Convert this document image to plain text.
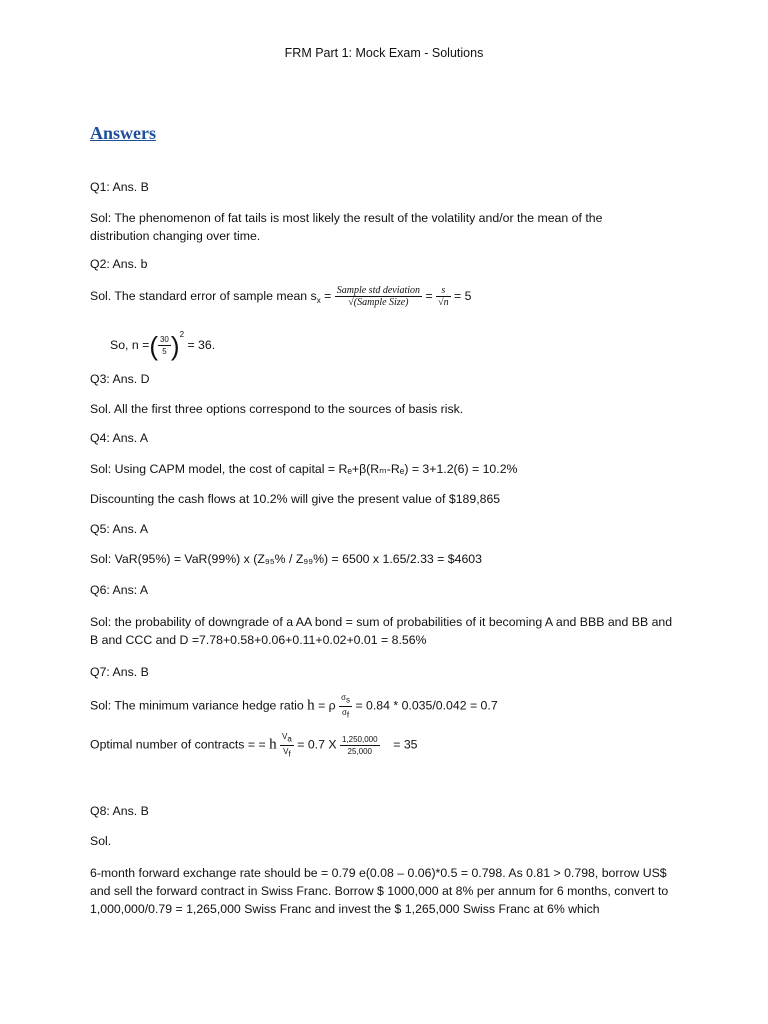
FRM Part 1: Mock Exam - Solutions
Answers
Q1: Ans. B
Sol: The phenomenon of fat tails is most likely the result of the volatility and/or the mean of the distribution changing over time.
Q2: Ans. b
Sol. The standard error of sample mean $s_x = \frac{\text{Sample std deviation}}{\text{√(Sample Size)}} = \frac{s}{√n} = 5$
So, n =( $\frac{30}{5} )^2 = 36$.
Q3: Ans. D
Sol. All the first three options correspond to the sources of basis risk.
Q4: Ans. A
Sol: Using CAPM model, the cost of capital = Rₑ+β(Rₘ-Rₑ) = 3+1.2(6) = 10.2%
Discounting the cash flows at 10.2% will give the present value of $189,865
Q5: Ans. A
Sol: VaR(95%) = VaR(99%) x (Z₉₅% / Z₉₉%) = 6500 x 1.65/2.33 = $4603
Q6: Ans: A
Sol: the probability of downgrade of a AA bond = sum of probabilities of it becoming A and BBB and BB and B and CCC and D =7.78+0.58+0.06+0.11+0.02+0.01 = 8.56%
Q7: Ans. B
Sol: The minimum variance hedge ratio h = ρ $\frac{\sigma_s}{\sigma_f} = 0.84 * 0.035/0.042 = 0.7$
Optimal number of contracts = = h $\frac{V_a}{V_f} = 0.7$ X $\frac{1,250,000}{25,000} = 35$
Q8: Ans. B
Sol.
6-month forward exchange rate should be = 0.79 e(0.08 – 0.06)*0.5 = 0.798. As 0.81 > 0.798, borrow US$ and sell the forward contract in Swiss Franc. Borrow $ 1000,000 at 8% per annum for 6 months, convert to 1,000,000/0.79 = 1,265,000 Swiss Franc and invest the $ 1,265,000 Swiss Franc at 6% which
